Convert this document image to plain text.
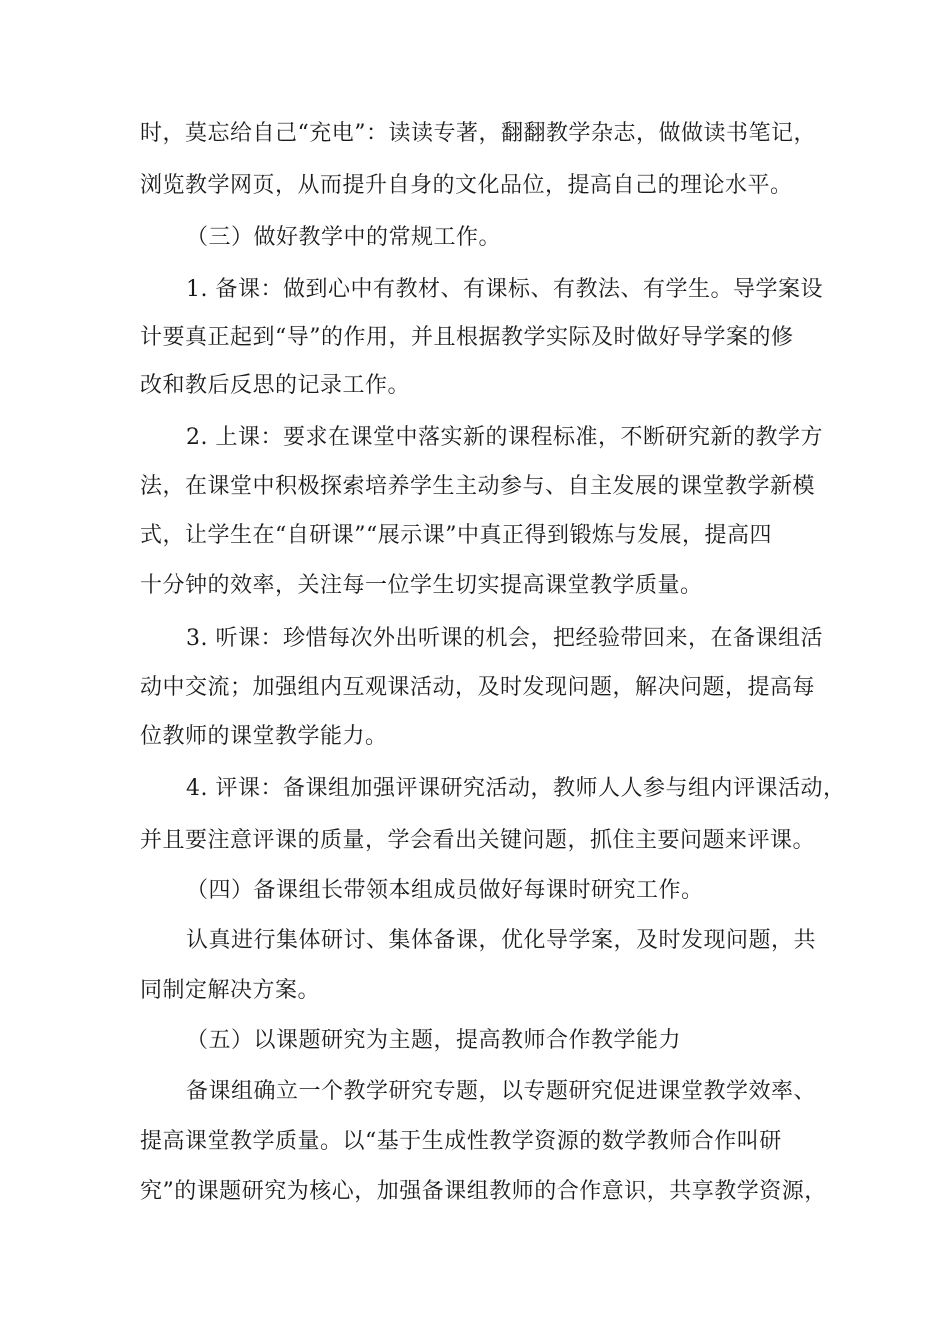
时，莫忘给自己“充电”：读读专著，翻翻教学杂志，做做读书笔记，
浏览教学网页，从而提升自身的文化品位，提高自己的理论水平。
（三）做好教学中的常规工作。
1. 备课：做到心中有教材、有课标、有教法、有学生。导学案设
计要真正起到“导”的作用，并且根据教学实际及时做好导学案的修
改和教后反思的记录工作。
2. 上课：要求在课堂中落实新的课程标准，不断研究新的教学方
法，在课堂中积极探索培养学生主动参与、自主发展的课堂教学新模
式，让学生在“自研课”“展示课”中真正得到锻炼与发展，提高四
十分钟的效率，关注每一位学生切实提高课堂教学质量。
3. 听课：珍惜每次外出听课的机会，把经验带回来，在备课组活
动中交流；加强组内互观课活动，及时发现问题，解决问题，提高每
位教师的课堂教学能力。
4. 评课：备课组加强评课研究活动，教师人人参与组内评课活动，
并且要注意评课的质量，学会看出关键问题，抓住主要问题来评课。
（四）备课组长带领本组成员做好每课时研究工作。
认真进行集体研讨、集体备课，优化导学案，及时发现问题，共
同制定解决方案。
（五）以课题研究为主题，提高教师合作教学能力
备课组确立一个教学研究专题，以专题研究促进课堂教学效率、
提高课堂教学质量。以“基于生成性教学资源的数学教师合作叫研
究”的课题研究为核心，加强备课组教师的合作意识，共享教学资源，
